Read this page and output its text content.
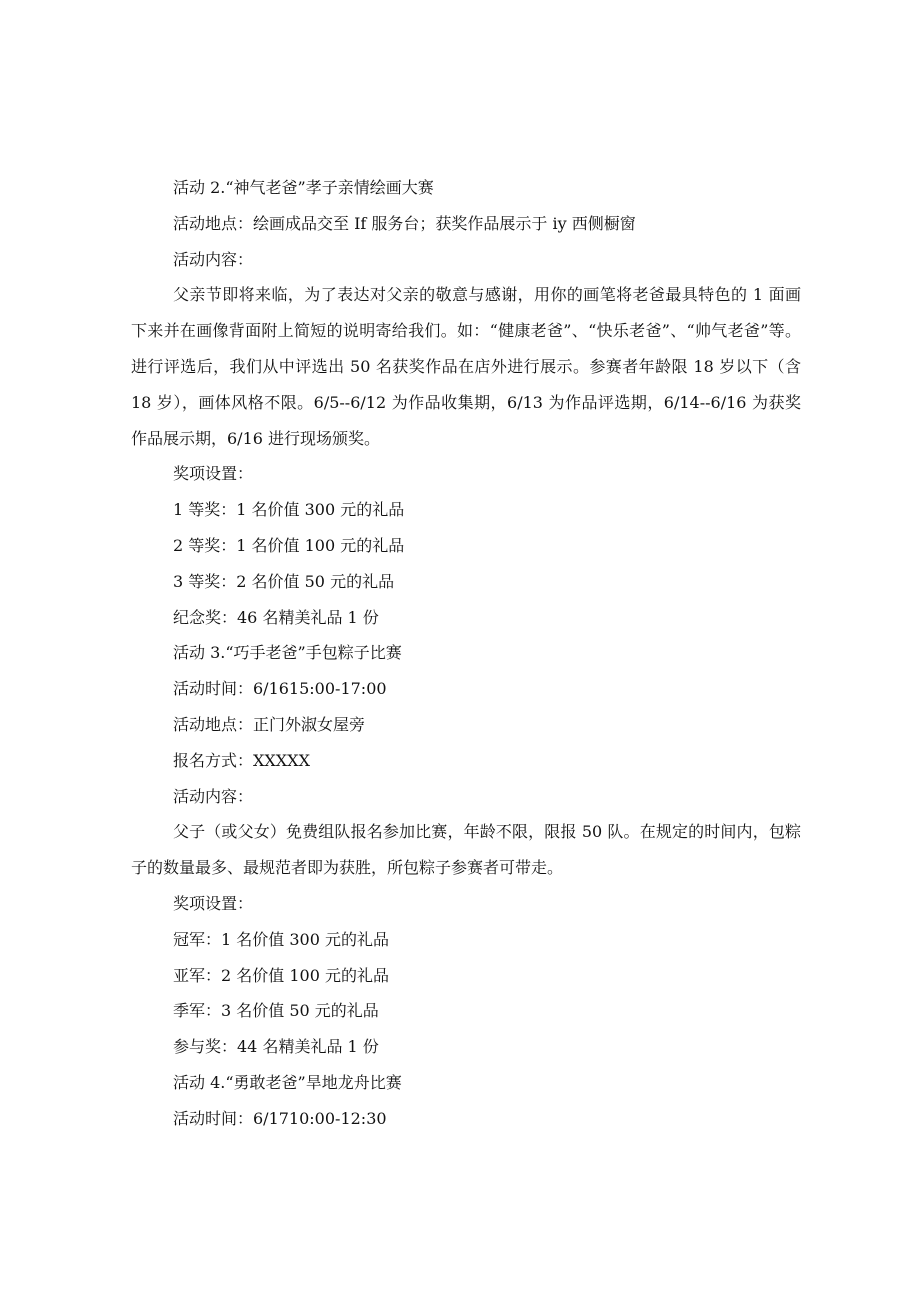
活动 2.“神气老爸”孝子亲情绘画大赛

活动地点：绘画成品交至 If 服务台；获奖作品展示于 iy 西侧橱窗

活动内容：

父亲节即将来临，为了表达对父亲的敬意与感谢，用你的画笔将老爸最具特色的 1 面画下来并在画像背面附上简短的说明寄给我们。如：“健康老爸”、“快乐老爸”、“帅气老爸”等。进行评选后，我们从中评选出 50 名获奖作品在店外进行展示。参赛者年龄限 18 岁以下（含 18 岁），画体风格不限。6/5--6/12 为作品收集期，6/13 为作品评选期，6/14--6/16 为获奖作品展示期，6/16 进行现场颁奖。

奖项设置：

1 等奖：1 名价值 300 元的礼品

2 等奖：1 名价值 100 元的礼品

3 等奖：2 名价值 50 元的礼品

纪念奖：46 名精美礼品 1 份

活动 3.“巧手老爸”手包粽子比赛

活动时间：6/1615:00-17:00

活动地点：正门外淑女屋旁

报名方式：XXXXX

活动内容：

父子（或父女）免费组队报名参加比赛，年龄不限，限报 50 队。在规定的时间内，包粽子的数量最多、最规范者即为获胜，所包粽子参赛者可带走。

奖项设置：

冠军：1 名价值 300 元的礼品

亚军：2 名价值 100 元的礼品

季军：3 名价值 50 元的礼品

参与奖：44 名精美礼品 1 份

活动 4.“勇敢老爸”旱地龙舟比赛

活动时间：6/1710:00-12:30
